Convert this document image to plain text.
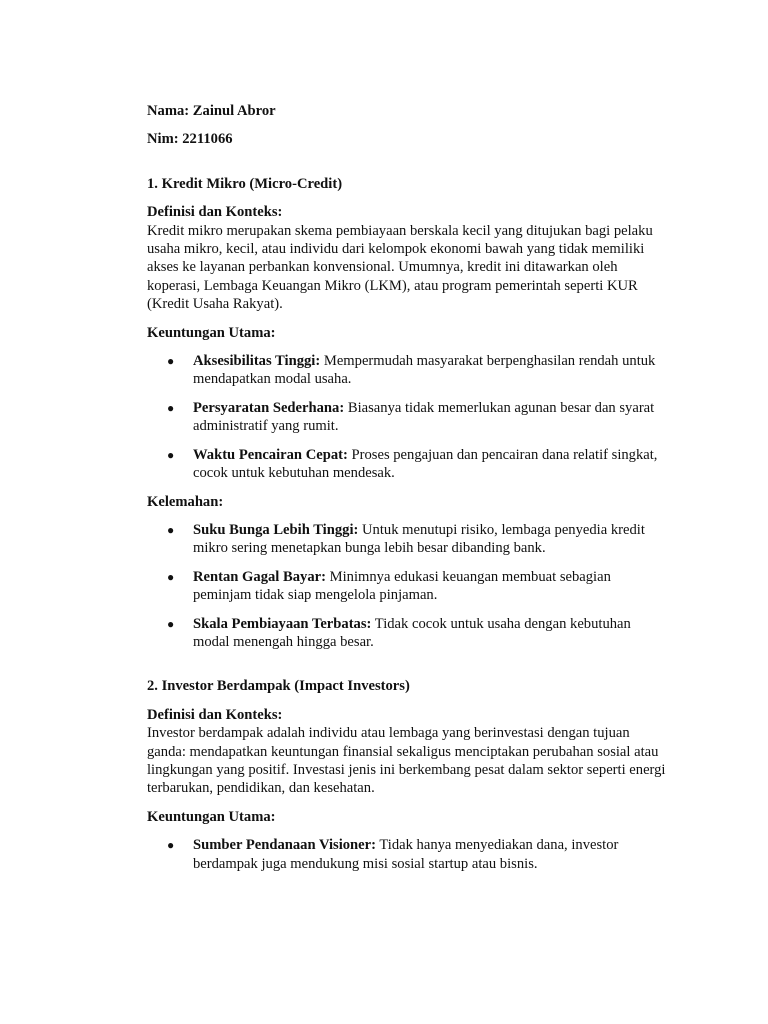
Nama: Zainul Abror

Nim: 2211066

1. Kredit Mikro (Micro-Credit)

Definisi dan Konteks:

Kredit mikro merupakan skema pembiayaan berskala kecil yang ditujukan bagi pelaku usaha mikro, kecil, atau individu dari kelompok ekonomi bawah yang tidak memiliki akses ke layanan perbankan konvensional. Umumnya, kredit ini ditawarkan oleh koperasi, Lembaga Keuangan Mikro (LKM), atau program pemerintah seperti KUR (Kredit Usaha Rakyat).

Keuntungan Utama:

● Aksesibilitas Tinggi: Mempermudah masyarakat berpenghasilan rendah untuk mendapatkan modal usaha.
● Persyaratan Sederhana: Biasanya tidak memerlukan agunan besar dan syarat administratif yang rumit.
● Waktu Pencairan Cepat: Proses pengajuan dan pencairan dana relatif singkat, cocok untuk kebutuhan mendesak.

Kelemahan:

● Suku Bunga Lebih Tinggi: Untuk menutupi risiko, lembaga penyedia kredit mikro sering menetapkan bunga lebih besar dibanding bank.
● Rentan Gagal Bayar: Minimnya edukasi keuangan membuat sebagian peminjam tidak siap mengelola pinjaman.
● Skala Pembiayaan Terbatas: Tidak cocok untuk usaha dengan kebutuhan modal menengah hingga besar.

2. Investor Berdampak (Impact Investors)

Definisi dan Konteks:

Investor berdampak adalah individu atau lembaga yang berinvestasi dengan tujuan ganda: mendapatkan keuntungan finansial sekaligus menciptakan perubahan sosial atau lingkungan yang positif. Investasi jenis ini berkembang pesat dalam sektor seperti energi terbarukan, pendidikan, dan kesehatan.

Keuntungan Utama:

● Sumber Pendanaan Visioner: Tidak hanya menyediakan dana, investor berdampak juga mendukung misi sosial startup atau bisnis.
